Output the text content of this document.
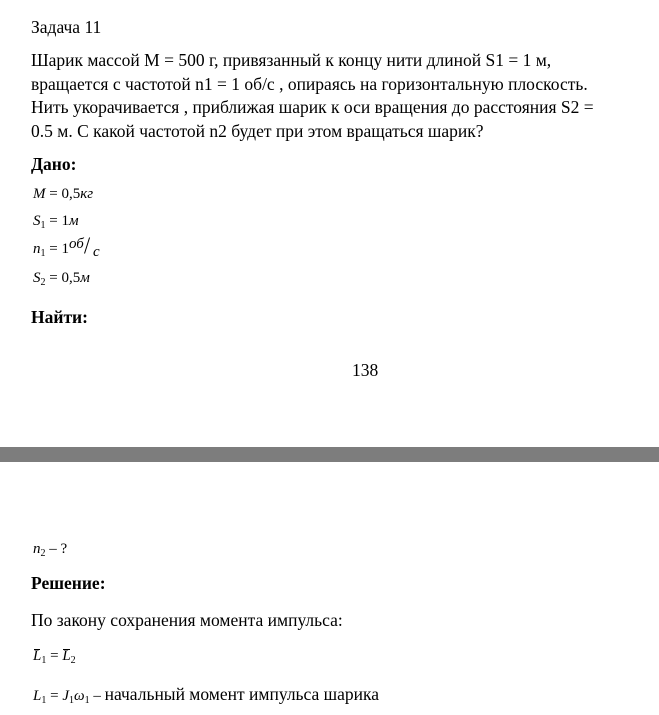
Задача 11
Шарик массой М = 500 г, привязанный к концу нити длиной S1 = 1 м,
вращается с частотой n1 = 1 об/с , опираясь на горизонтальную плоскость.
Нить укорачивается , приближая шарик к оси вращения до расстояния S2 =
0.5 м. С какой частотой n2 будет при этом вращаться шарик?
Дано:
M = 0,5кг
$S_1 = 1м$
$n_1 = 1$ об / с
$S_2 = 0,5м$
Найти:
138
$n_2$ – ?
Решение:
По закону сохранения момента импульса:
$L_1 = L_2$
$L_1 = J_1\omega_1$ – начальный момент импульса шарика
